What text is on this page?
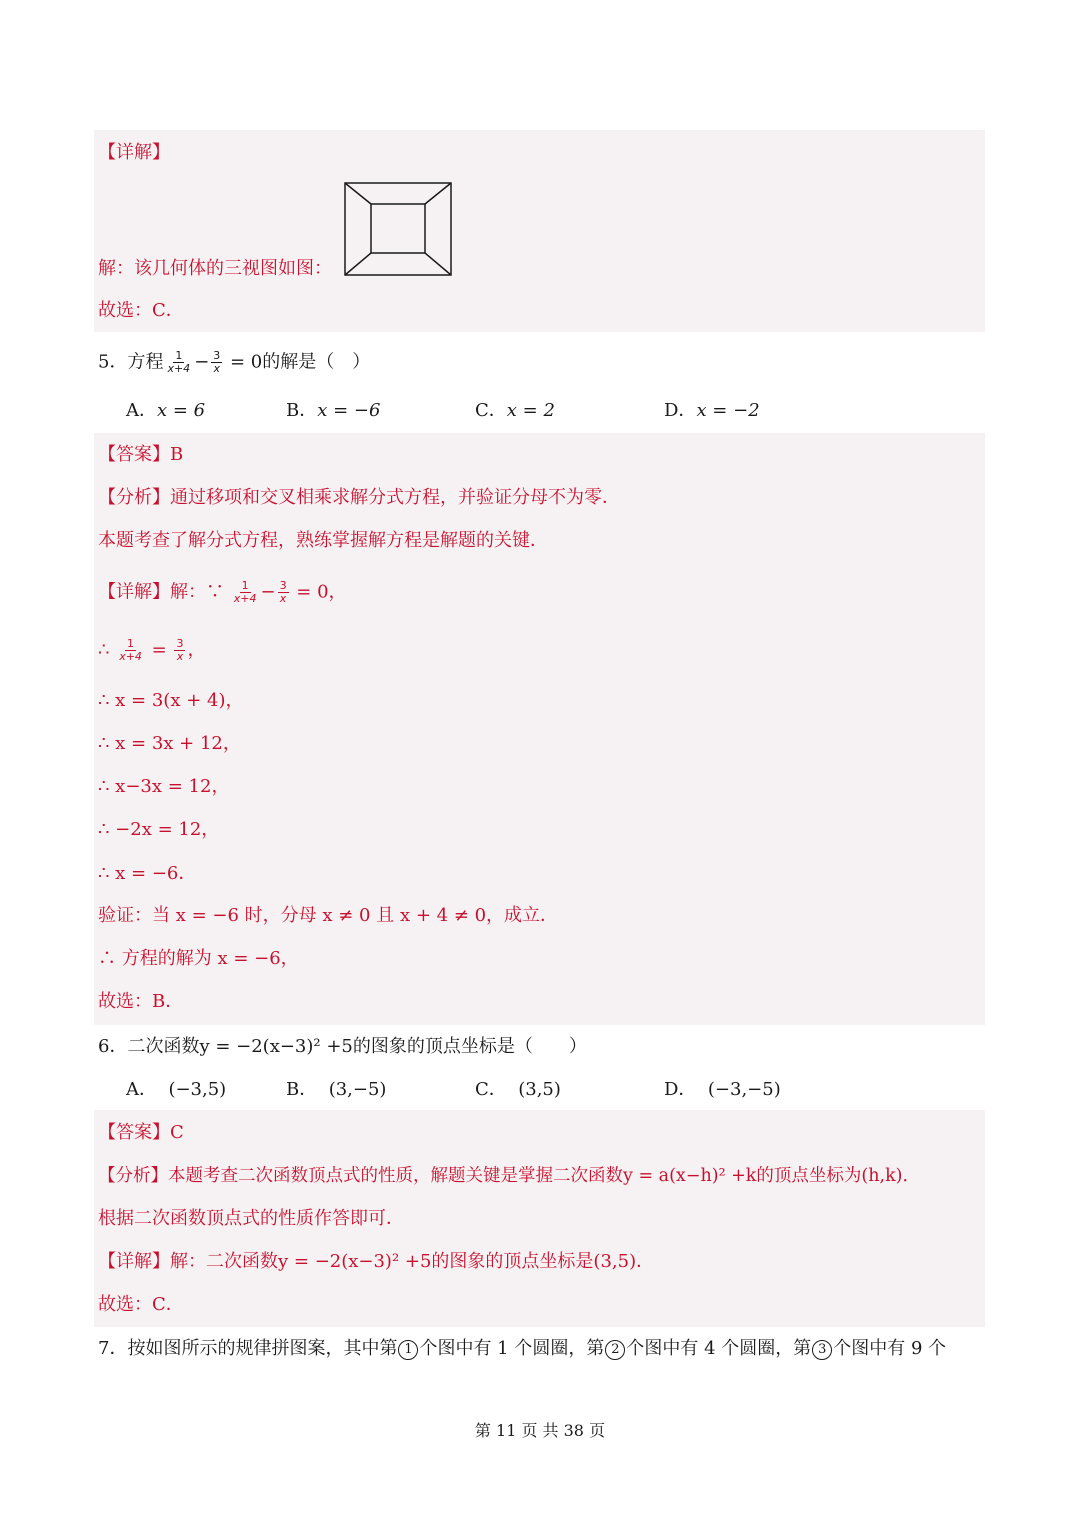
【详解】
解：该几何体的三视图如图：
故选：C．
5．方程 $\frac{1}{x+4} - \frac{3}{x} = 0$的解是（　）
A．x = 6	B．x = −6	C．x = 2	D．x = −2
【答案】B
【分析】通过移项和交叉相乘求解分式方程，并验证分母不为零．
本题考查了解分式方程，熟练掌握解方程是解题的关键．
【详解】解：∵ $\frac{1}{x+4} - \frac{3}{x} = 0$，
∴ $\frac{1}{x+4} = \frac{3}{x}$ ，
∴ x = 3(x + 4)，
∴ x = 3x + 12，
∴ x−3x = 12，
∴ −2x = 12，
∴ x = −6．
验证：当 x = −6 时，分母 x ≠ 0 且 x + 4 ≠ 0，成立．
∴ 方程的解为 x = −6，
故选：B．
6．二次函数y = −2(x−3)² +5的图象的顶点坐标是（　　）
A． (−3,5)	B． (3,−5)	C． (3,5)	D． (−3,−5)
【答案】C
【分析】本题考查二次函数顶点式的性质，解题关键是掌握二次函数y = a(x−h)² +k的顶点坐标为(h,k)．
根据二次函数顶点式的性质作答即可．
【详解】解：二次函数y = −2(x−3)² +5的图象的顶点坐标是(3,5)．
故选：C．
7．按如图所示的规律拼图案，其中第 1 个图中有 1 个圆圈，第 2 个图中有 4 个圆圈，第 3 个图中有 9 个
第 11 页 共 38 页
